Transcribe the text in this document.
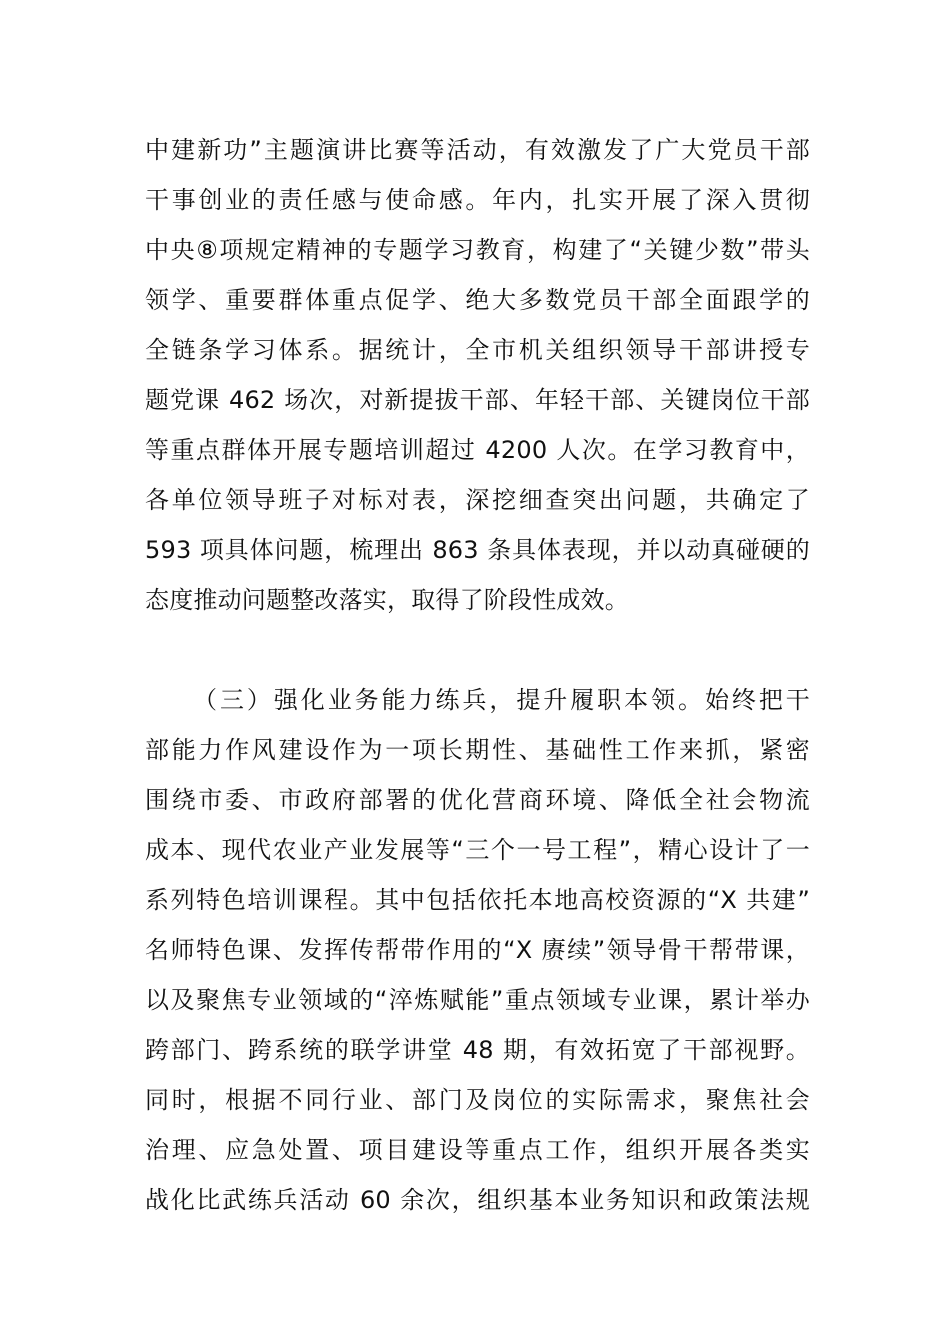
中建新功”主题演讲比赛等活动，有效激发了广大党员干部
干事创业的责任感与使命感。年内，扎实开展了深入贯彻
中央⑧项规定精神的专题学习教育，构建了“关键少数”带头
领学、重要群体重点促学、绝大多数党员干部全面跟学的
全链条学习体系。据统计，全市机关组织领导干部讲授专
题党课 462 场次，对新提拔干部、年轻干部、关键岗位干部
等重点群体开展专题培训超过 4200 人次。在学习教育中，
各单位领导班子对标对表，深挖细查突出问题，共确定了
593 项具体问题，梳理出 863 条具体表现，并以动真碰硬的
态度推动问题整改落实，取得了阶段性成效。
（三）强化业务能力练兵，提升履职本领。始终把干
部能力作风建设作为一项长期性、基础性工作来抓，紧密
围绕市委、市政府部署的优化营商环境、降低全社会物流
成本、现代农业产业发展等“三个一号工程”，精心设计了一
系列特色培训课程。其中包括依托本地高校资源的“X 共建”
名师特色课、发挥传帮带作用的“X 赓续”领导骨干帮带课，
以及聚焦专业领域的“淬炼赋能”重点领域专业课，累计举办
跨部门、跨系统的联学讲堂 48 期，有效拓宽了干部视野。
同时，根据不同行业、部门及岗位的实际需求，聚焦社会
治理、应急处置、项目建设等重点工作，组织开展各类实
战化比武练兵活动 60 余次，组织基本业务知识和政策法规
